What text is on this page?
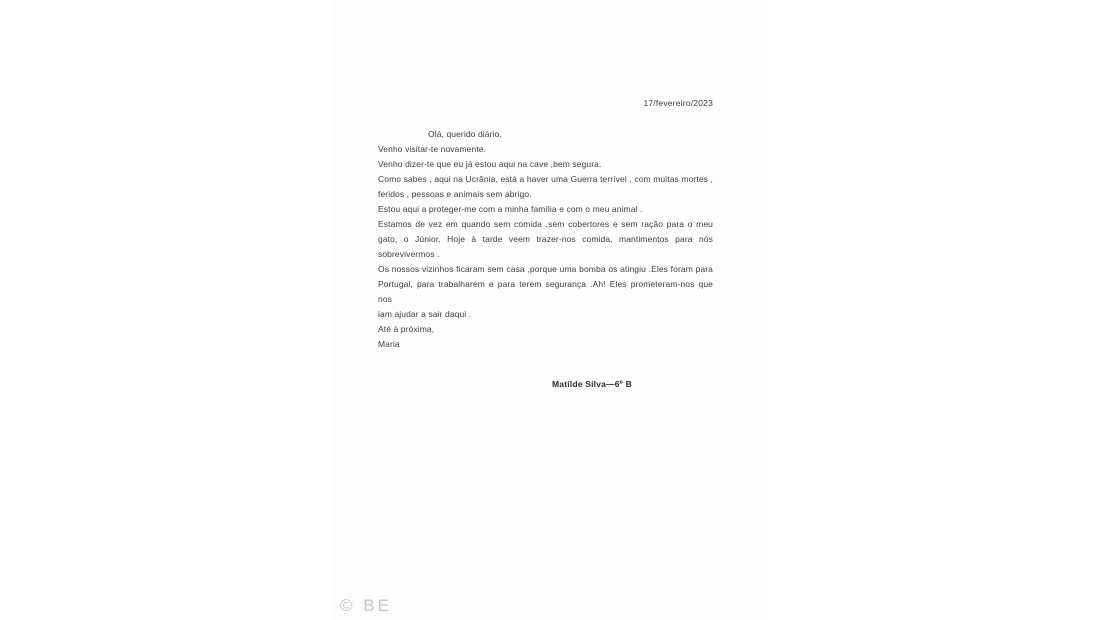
17/fevereiro/2023
Olá, querido diário.
Venho visitar-te novamente.
Venho dizer-te que eu já estou aqui na cave ,bem segura.
Como sabes , aqui na Ucrânia, está a haver uma Guerra terrível , com muitas mortes ,
feridos , pessoas e animais sem abrigo.
Estou aqui a proteger-me com a minha família e com o meu animal .
Estamos de vez em quando sem comida ,sem cobertores e sem ração para o meu
gato, o Júnior. Hoje à tarde veem trazer-nos comida, mantimentos para nós
sobrevivermos .
Os nossos vizinhos ficaram sem casa ,porque uma bomba os atingiu .Eles foram para
Portugal, para trabalharem e para terem segurança .Ah! Eles prometeram-nos que nos
iam ajudar a sair daqui .
Até à próxima,
Maria
Matilde Silva—6º B
© BE
